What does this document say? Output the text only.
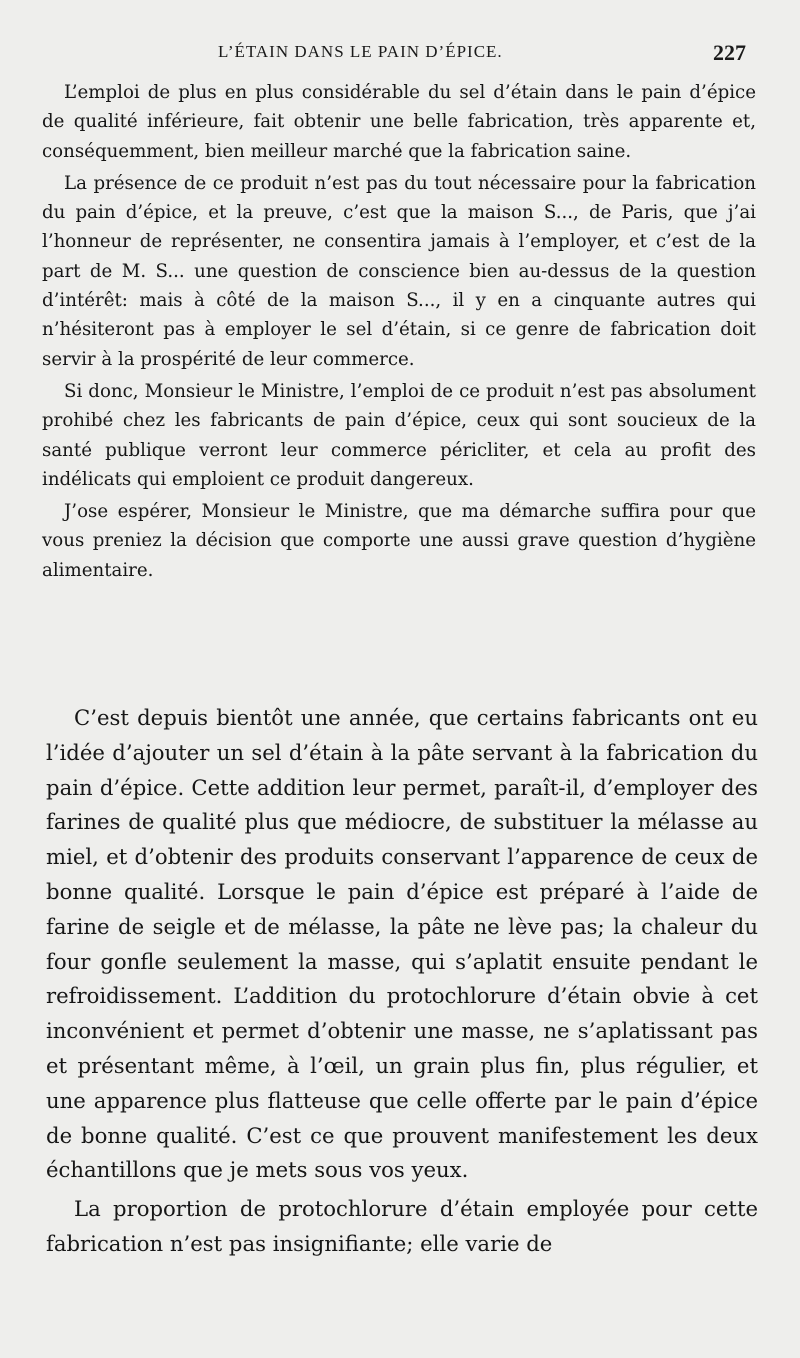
L’ÉTAIN DANS LE PAIN D’ÉPICE.	227

L’emploi de plus en plus considérable du sel d’étain dans le pain d’épice de qualité inférieure, fait obtenir une belle fabrication, très apparente et, conséquemment, bien meilleur marché que la fabrication saine.

La présence de ce produit n’est pas du tout nécessaire pour la fabrication du pain d’épice, et la preuve, c’est que la maison S..., de Paris, que j’ai l’honneur de représenter, ne consentira jamais à l’employer, et c’est de la part de M. S... une question de conscience bien au-dessus de la question d’intérêt: mais à côté de la maison S..., il y en a cinquante autres qui n’hésiteront pas à employer le sel d’étain, si ce genre de fabrication doit servir à la prospérité de leur commerce.

Si donc, Monsieur le Ministre, l’emploi de ce produit n’est pas absolument prohibé chez les fabricants de pain d’épice, ceux qui sont soucieux de la santé publique verront leur commerce péricliter, et cela au profit des indélicats qui emploient ce produit dangereux.

J’ose espérer, Monsieur le Ministre, que ma démarche suffira pour que vous preniez la décision que comporte une aussi grave question d’hygiène alimentaire.

C’est depuis bientôt une année, que certains fabricants ont eu l’idée d’ajouter un sel d’étain à la pâte servant à la fabrication du pain d’épice. Cette addition leur permet, paraît-il, d’employer des farines de qualité plus que médiocre, de substituer la mélasse au miel, et d’obtenir des produits conservant l’apparence de ceux de bonne qualité. Lorsque le pain d’épice est préparé à l’aide de farine de seigle et de mélasse, la pâte ne lève pas; la chaleur du four gonfle seulement la masse, qui s’aplatit ensuite pendant le refroidissement. L’addition du protochlorure d’étain obvie à cet inconvénient et permet d’obtenir une masse, ne s’aplatissant pas et présentant même, à l’œil, un grain plus fin, plus régulier, et une apparence plus flatteuse que celle offerte par le pain d’épice de bonne qualité. C’est ce que prouvent manifestement les deux échantillons que je mets sous vos yeux.

La proportion de protochlorure d’étain employée pour cette fabrication n’est pas insignifiante; elle varie de
